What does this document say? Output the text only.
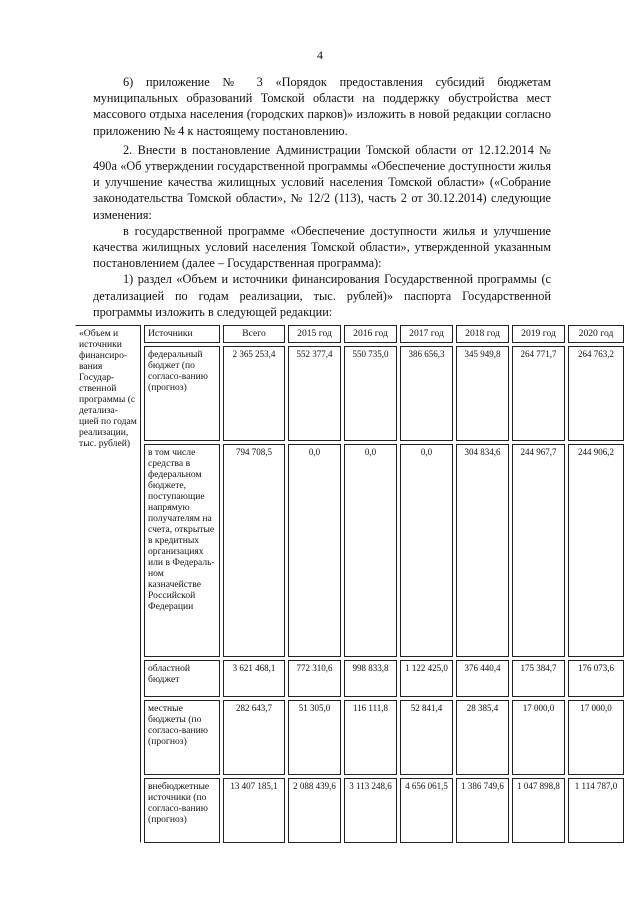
4

6) приложение № 3 «Порядок предоставления субсидий бюджетам муниципальных образований Томской области на поддержку обустройства мест массового отдыха населения (городских парков)» изложить в новой редакции согласно приложению № 4 к настоящему постановлению.

2. Внести в постановление Администрации Томской области от 12.12.2014 № 490а «Об утверждении государственной программы «Обеспечение доступности жилья и улучшение качества жилищных условий населения Томской области» («Собрание законодательства Томской области», № 12/2 (113), часть 2 от 30.12.2014) следующие изменения:

в государственной программе «Обеспечение доступности жилья и улучшение качества жилищных условий населения Томской области», утвержденной указанным постановлением (далее – Государственная программа):

1) раздел «Объем и источники финансирования Государственной программы (с детализацией по годам реализации, тыс. рублей)» паспорта Государственной программы изложить в следующей редакции:

«Объем и источники финансиро-вания Государ-ственной программы (с детализа-цией по годам реализации, тыс. рублей)	Источники	Всего	2015 год	2016 год	2017 год	2018 год	2019 год	2020 год
	федеральный бюджет (по согласо-ванию (прогноз)	2 365 253,4	552 377,4	550 735,0	386 656,3	345 949,8	264 771,7	264 763,2
	в том числе средства в федеральном бюджете, поступающие напрямую получателям на счета, открытые в кредитных организациях или в Федераль-ном казначействе Российской Федерации	794 708,5	0,0	0,0	0,0	304 834,6	244 967,7	244 906,2
	областной бюджет	3 621 468,1	772 310,6	998 833,8	1 122 425,0	376 440,4	175 384,7	176 073,6
	местные бюджеты (по согласо-ванию (прогноз)	282 643,7	51 305,0	116 111,8	52 841,4	28 385,4	17 000,0	17 000,0
	внебюджетные источники (по согласо-ванию (прогноз)	13 407 185,1	2 088 439,6	3 113 248,6	4 656 061,5	1 386 749,6	1 047 898,8	1 114 787,0
